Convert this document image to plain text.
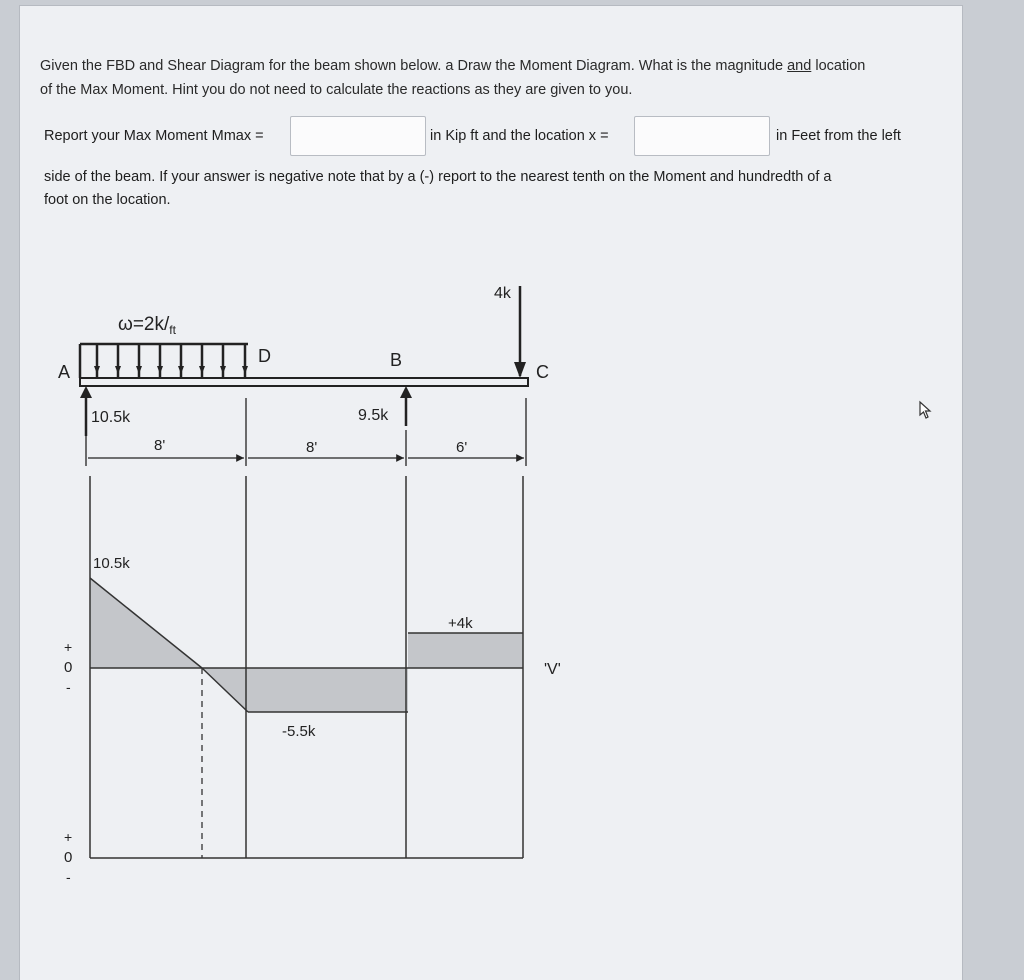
Given the FBD and Shear Diagram for the beam shown below. a Draw the Moment Diagram. What is the magnitude and location
of the Max Moment. Hint you do not need to calculate the reactions as they are given to you.
Report your Max Moment Mmax =	in Kip ft and the location x =	in Feet from the left
side of the beam. If your answer is negative note that by a (-) report to the nearest tenth on the Moment and hundredth of a
foot on the location.
$\omega=2k/_{ft}$
4k
A
D	B
C
10.5k	9.5k
8'	8'	6'
10.5k
-5.5k
+4k
'V'
+
0
-
+
0
-
